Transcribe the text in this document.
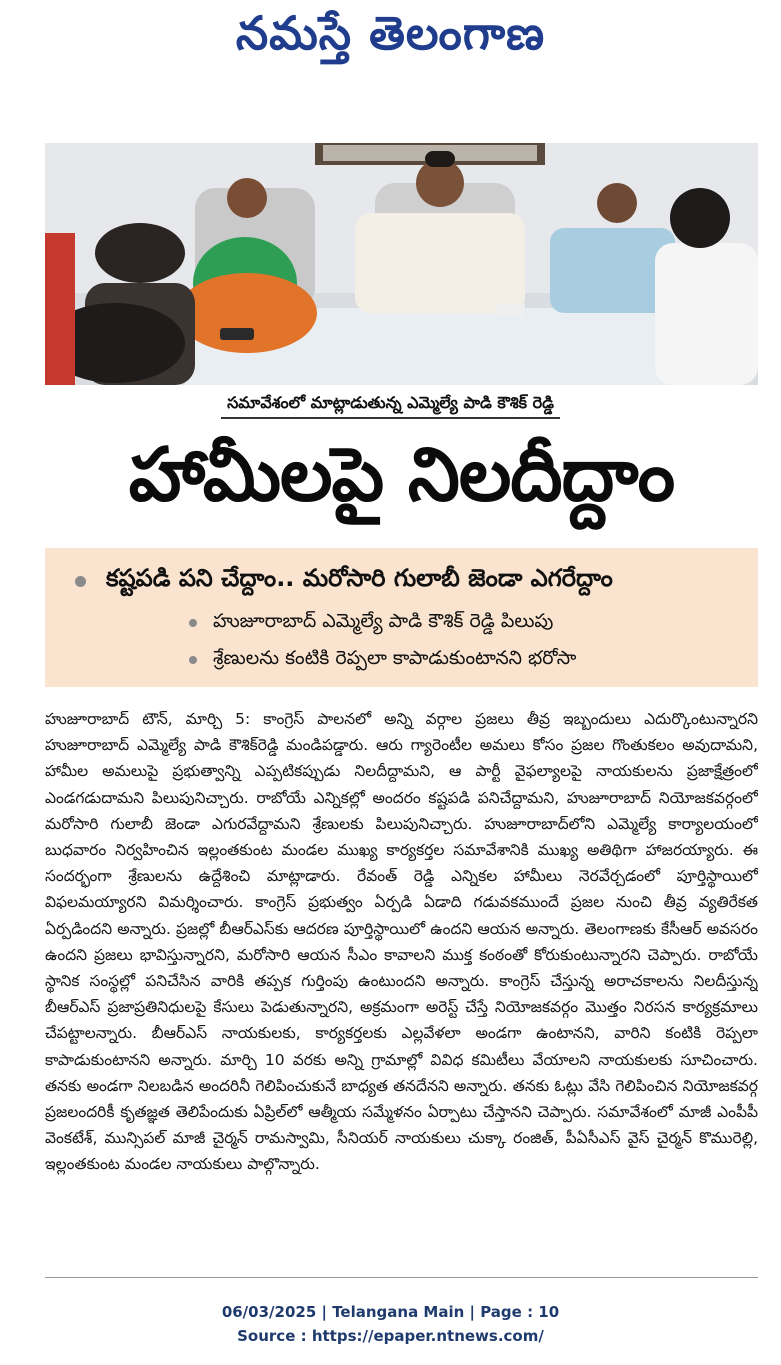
నమస్తే తెలంగాణ
సమావేశంలో మాట్లాడుతున్న ఎమ్మెల్యే పాడి కౌశిక్ రెడ్డి
హామీలపై నిలదీద్దాం
కష్టపడి పని చేద్దాం.. మరోసారి గులాబీ జెండా ఎగరేద్దాం
హుజూరాబాద్ ఎమ్మెల్యే పాడి కౌశిక్ రెడ్డి పిలుపు
శ్రేణులను కంటికి రెప్పలా కాపాడుకుంటానని భరోసా
హుజూరాబాద్ టౌన్, మార్చి 5: కాంగ్రెస్ పాలనలో అన్ని వర్గాల ప్రజలు తీవ్ర ఇబ్బందులు ఎదుర్కొంటున్నారని హుజూరాబాద్ ఎమ్మెల్యే పాడి కౌశిక్‌రెడ్డి మండిపడ్డారు. ఆరు గ్యారెంటీల అమలు కోసం ప్రజల గొంతుకలం అవుదామని, హామీల అమలుపై ప్రభుత్వాన్ని ఎప్పటికప్పుడు నిలదీద్దామని, ఆ పార్టీ వైఫల్యాలపై నాయకులను ప్రజాక్షేత్రంలో ఎండగడుదామని పిలుపునిచ్చారు. రాబోయే ఎన్నికల్లో అందరం కష్టపడి పనిచేద్దామని, హుజూరాబాద్ నియోజకవర్గంలో మరోసారి గులాబీ జెండా ఎగురవేద్దామని శ్రేణులకు పిలుపునిచ్చారు. హుజూరాబాద్‌లోని ఎమ్మెల్యే కార్యాలయంలో బుధవారం నిర్వహించిన ఇల్లంతకుంట మండల ముఖ్య కార్యకర్తల సమావేశానికి ముఖ్య అతిథిగా హాజరయ్యారు. ఈ సందర్భంగా శ్రేణులను ఉద్దేశించి మాట్లాడారు. రేవంత్ రెడ్డి ఎన్నికల హామీలు నెరవేర్చడంలో పూర్తిస్థాయిలో విఫలమయ్యారని విమర్శించారు. కాంగ్రెస్ ప్రభుత్వం ఏర్పడి ఏడాది గడువకముందే ప్రజల నుంచి తీవ్ర వ్యతిరేకత ఏర్పడిందని అన్నారు. ప్రజల్లో బీఆర్ఎస్‌కు ఆదరణ పూర్తిస్థాయిలో ఉందని ఆయన అన్నారు. తెలంగాణకు కేసీఆర్ అవసరం ఉందని ప్రజలు భావిస్తున్నారని, మరోసారి ఆయన సీఎం కావాలని ముక్త కంఠంతో కోరుకుంటున్నారని చెప్పారు. రాబోయే స్థానిక సంస్థల్లో పనిచేసిన వారికి తప్పక గుర్తింపు ఉంటుందని అన్నారు. కాంగ్రెస్ చేస్తున్న అరాచకాలను నిలదీస్తున్న బీఆర్ఎస్ ప్రజాప్రతినిధులపై కేసులు పెడుతున్నారని, అక్రమంగా అరెస్ట్ చేస్తే నియోజకవర్గం మొత్తం నిరసన కార్యక్రమాలు చేపట్టాలన్నారు. బీఆర్ఎస్ నాయకులకు, కార్యకర్తలకు ఎల్లవేళలా అండగా ఉంటానని, వారిని కంటికి రెప్పలా కాపాడుకుంటానని అన్నారు. మార్చి 10 వరకు అన్ని గ్రామాల్లో వివిధ కమిటీలు వేయాలని నాయకులకు సూచించారు. తనకు అండగా నిలబడిన అందరినీ గెలిపించుకునే బాధ్యత తనదేనని అన్నారు. తనకు ఓట్లు వేసి గెలిపించిన నియోజకవర్గ ప్రజలందరికీ కృతజ్ఞత తెలిపేందుకు ఏప్రిల్‌లో ఆత్మీయ సమ్మేళనం ఏర్పాటు చేస్తానని చెప్పారు. సమావేశంలో మాజీ ఎంపీపీ వెంకటేశ్, మున్సిపల్ మాజీ చైర్మన్ రామస్వామి, సీనియర్ నాయకులు చుక్కా రంజిత్, పీఏసీఎస్ వైస్ చైర్మన్ కొమురెల్లి, ఇల్లంతకుంట మండల నాయకులు పాల్గొన్నారు.
06/03/2025 | Telangana Main | Page : 10
Source : https://epaper.ntnews.com/
